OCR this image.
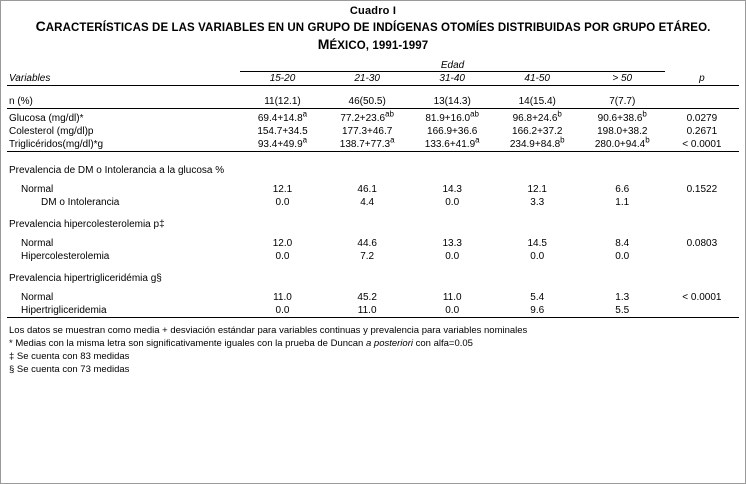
Cuadro I
CARACTERÍSTICAS DE LAS VARIABLES EN UN GRUPO DE INDÍGENAS OTOMÍES DISTRIBUIDAS POR GRUPO ETÁREO.
MÉXICO, 1991-1997
	Edad					
Variables	15-20	21-30	31-40	41-50	> 50	p

n (%)	11(12.1)	46(50.5)	13(14.3)	14(15.4)	7(7.7)	

Glucosa (mg/dl)*	69.4+14.8$^a$	77.2+23.6$^{ab}$	81.9+16.0$^{ab}$	96.8+24.6$^b$	90.6+38.6$^b$	0.0279
Colesterol (mg/dl)p	154.7+34.5	177.3+46.7	166.9+36.6	166.2+37.2	198.0+38.2	0.2671
Triglicéridos(mg/dl)*g	93.4+49.9$^a$	138.7+77.3$^a$	133.6+41.9$^a$	234.9+84.8$^b$	280.0+94.4$^b$	< 0.0001

Prevalencia de DM o Intolerancia a la glucosa %						

Normal	12.1	46.1	14.3	12.1	6.6	0.1522
DM o Intolerancia	0.0	4.4	0.0	3.3	1.1	

Prevalencia hipercolesterolemia p‡						

Normal	12.0	44.6	13.3	14.5	8.4	0.0803
Hipercolesterolemia	0.0	7.2	0.0	0.0	0.0	

Prevalencia hipertrigliceridémia g§						

Normal	11.0	45.2	11.0	5.4	1.3	< 0.0001
Hipertrigliceridemia	0.0	11.0	0.0	9.6	5.5	

Los datos se muestran como media + desviación estándar para variables continuas y prevalencia para variables nominales
* Medias con la misma letra son significativamente iguales con la prueba de Duncan a posteriori con alfa=0.05
‡ Se cuenta con 83 medidas
§ Se cuenta con 73 medidas
